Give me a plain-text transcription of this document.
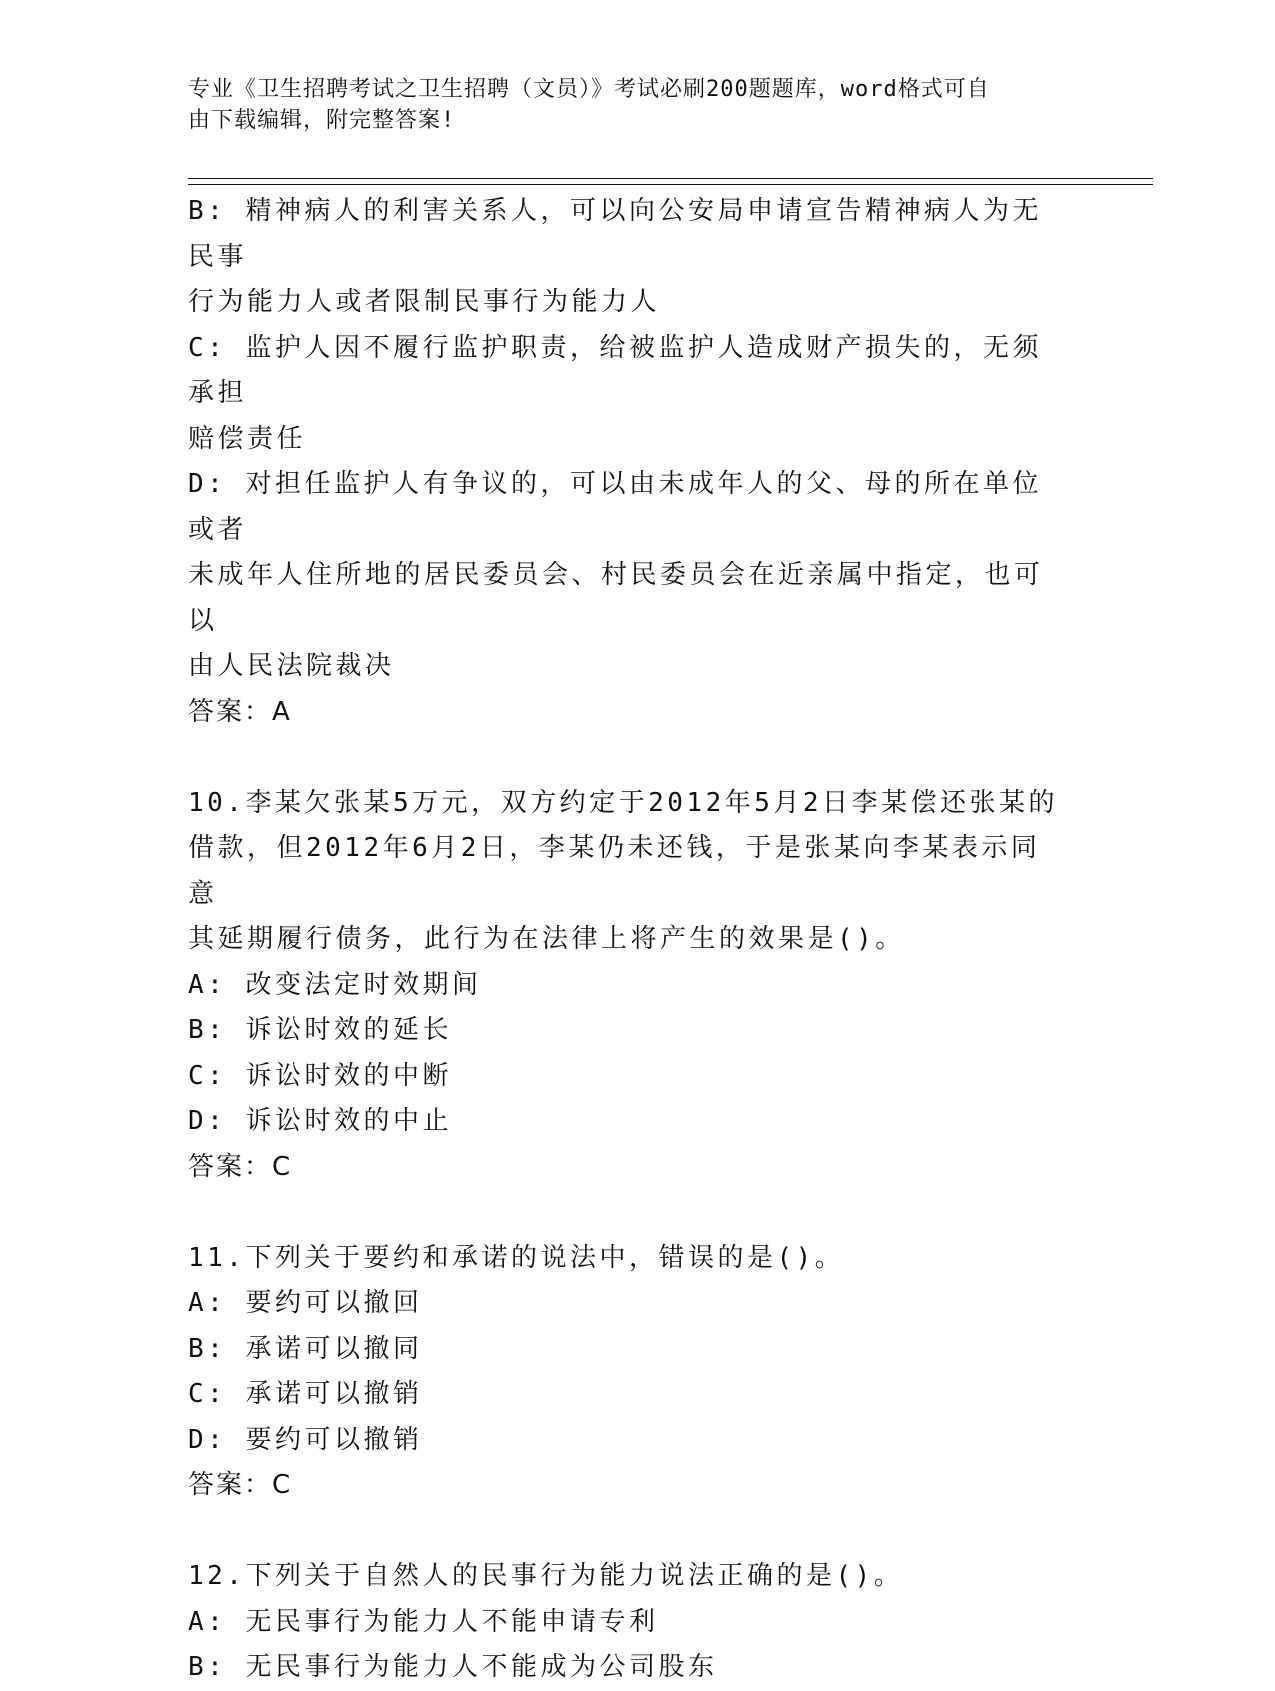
专业《卫生招聘考试之卫生招聘（文员）》考试必刷200题题库，word格式可自
由下载编辑，附完整答案!
B: 精神病人的利害关系人，可以向公安局申请宣告精神病人为无民事
行为能力人或者限制民事行为能力人
C: 监护人因不履行监护职责，给被监护人造成财产损失的，无须承担
赔偿责任
D: 对担任监护人有争议的，可以由未成年人的父、母的所在单位或者
未成年人住所地的居民委员会、村民委员会在近亲属中指定，也可以
由人民法院裁决
答案：A
10.李某欠张某5万元，双方约定于2012年5月2日李某偿还张某的
借款，但2012年6月2日，李某仍未还钱，于是张某向李某表示同意
其延期履行债务，此行为在法律上将产生的效果是()。
A: 改变法定时效期间
B: 诉讼时效的延长
C: 诉讼时效的中断
D: 诉讼时效的中止
答案：C
11.下列关于要约和承诺的说法中，错误的是()。
A: 要约可以撤回
B: 承诺可以撤同
C: 承诺可以撤销
D: 要约可以撤销
答案：C
12.下列关于自然人的民事行为能力说法正确的是()。
A: 无民事行为能力人不能申请专利
B: 无民事行为能力人不能成为公司股东
